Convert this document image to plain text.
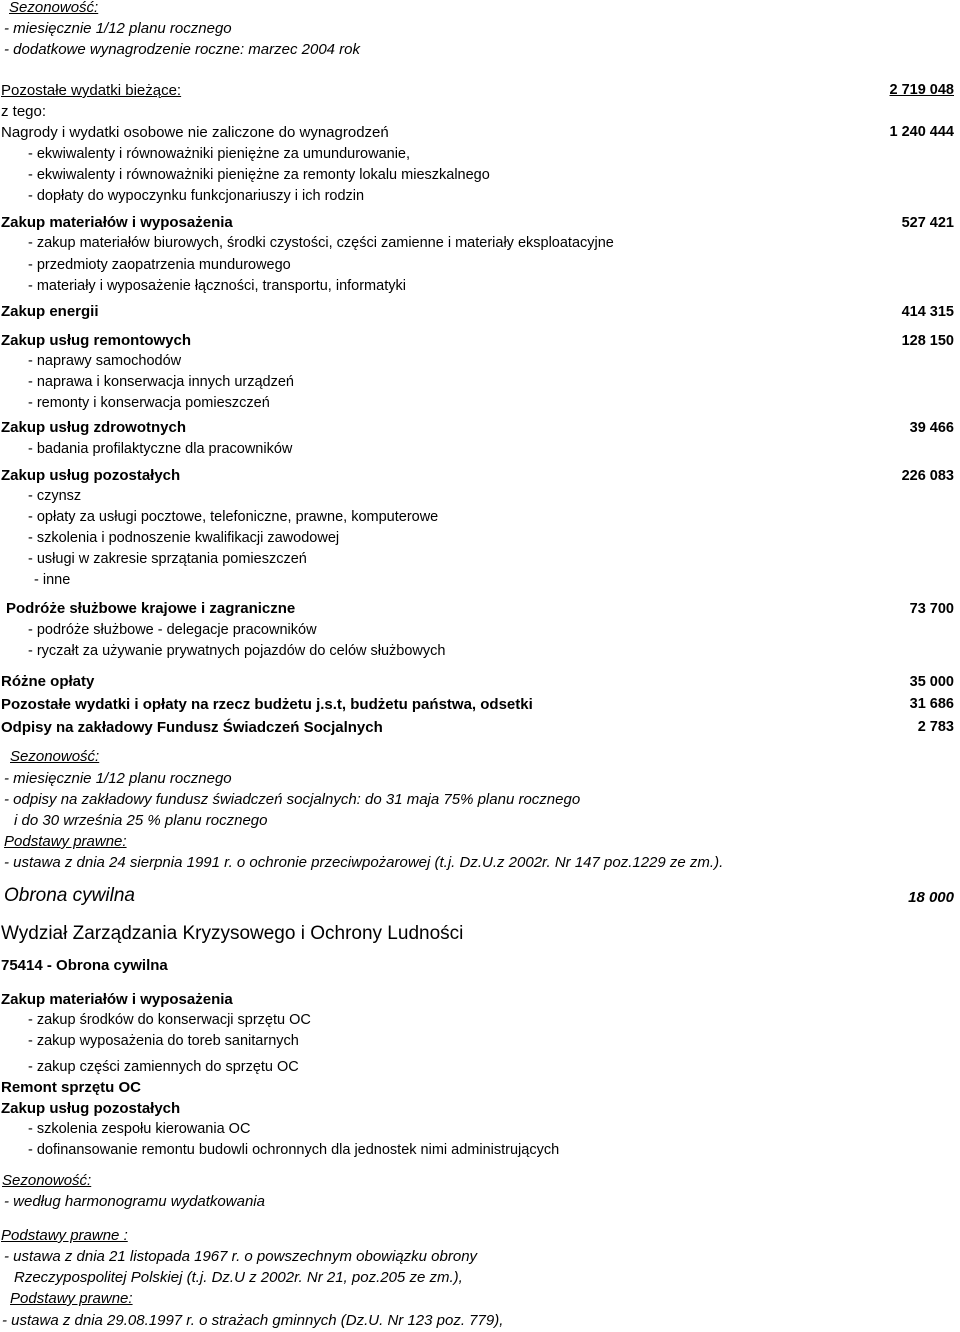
Sezonowość:
- miesięcznie 1/12 planu rocznego
- dodatkowe wynagrodzenie roczne: marzec 2004 rok
Pozostałe wydatki bieżące:	2 719 048
z tego:
Nagrody i wydatki osobowe nie zaliczone do wynagrodzeń	1 240 444
- ekwiwalenty i równoważniki pieniężne za umundurowanie,
- ekwiwalenty i równoważniki pieniężne za remonty lokalu mieszkalnego
- dopłaty do wypoczynku funkcjonariuszy i ich rodzin
Zakup materiałów i wyposażenia	527 421
- zakup materiałów biurowych, środki czystości, części zamienne i materiały eksploatacyjne
- przedmioty zaopatrzenia mundurowego
- materiały i wyposażenie łączności, transportu, informatyki
Zakup energii	414 315
Zakup usług remontowych	128 150
- naprawy samochodów
- naprawa i konserwacja innych urządzeń
- remonty i konserwacja pomieszczeń
Zakup usług zdrowotnych	39 466
- badania profilaktyczne dla pracowników
Zakup usług pozostałych	226 083
- czynsz
- opłaty za usługi pocztowe, telefoniczne, prawne, komputerowe
- szkolenia i podnoszenie kwalifikacji zawodowej
- usługi w zakresie sprzątania pomieszczeń
- inne
Podróże służbowe krajowe i zagraniczne	73 700
- podróże służbowe - delegacje pracowników
- ryczałt za używanie prywatnych pojazdów do celów służbowych
Różne opłaty	35 000
Pozostałe wydatki i opłaty na rzecz budżetu j.s.t, budżetu państwa, odsetki	31 686
Odpisy na zakładowy Fundusz Świadczeń Socjalnych	2 783
Sezonowość:
- miesięcznie 1/12 planu rocznego
- odpisy na zakładowy fundusz świadczeń socjalnych: do 31 maja 75% planu rocznego
i do 30 września 25 % planu rocznego
Podstawy prawne:
- ustawa z dnia 24 sierpnia 1991 r. o ochronie przeciwpożarowej (t.j. Dz.U.z 2002r. Nr 147 poz.1229 ze zm.).
Obrona cywilna	18 000
Wydział Zarządzania Kryzysowego i Ochrony Ludności
75414 - Obrona cywilna
Zakup materiałów i wyposażenia
- zakup środków do konserwacji sprzętu OC
- zakup wyposażenia do toreb sanitarnych
- zakup części zamiennych do sprzętu OC
Remont sprzętu OC
Zakup usług pozostałych
- szkolenia zespołu kierowania OC
- dofinansowanie remontu budowli ochronnych dla jednostek nimi administrujących
Sezonowość:
- według harmonogramu wydatkowania
Podstawy prawne :
- ustawa z dnia 21 listopada 1967 r. o powszechnym obowiązku obrony
Rzeczypospolitej Polskiej (t.j. Dz.U z 2002r. Nr 21, poz.205 ze zm.),
Podstawy prawne:
- ustawa z dnia 29.08.1997 r. o strażach gminnych (Dz.U. Nr 123 poz. 779),
